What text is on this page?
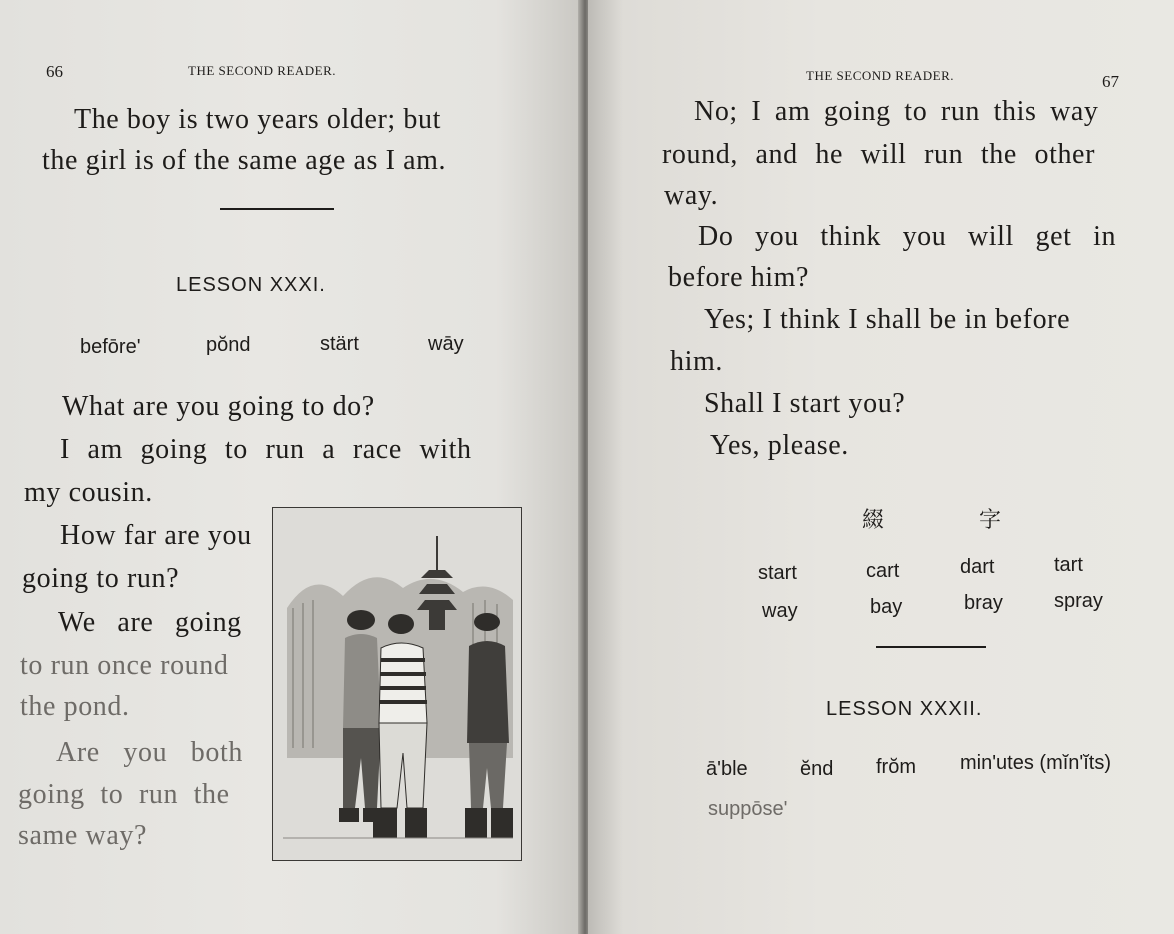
66	THE SECOND READER.
The boy is two years older; but
the girl is of the same age as I am.
LESSON XXXI.
befōre'	pŏnd	stärt	wāy
What are you going to do?
I am going to run a race with
my cousin.
How far are you
going to run?
We are going
to run once round
the pond.
Are you both
going to run the
same way?
THE SECOND READER.	67
No; I am going to run this way
round, and he will run the other
way.
Do you think you will get in
before him?
Yes; I think I shall be in before
him.
Shall I start you?
Yes, please.
綴 字
start	cart	dart	tart
way	bay	bray	spray
LESSON XXXII.
ā'ble	ĕnd frŏm min'utes (mĭn'ĭts)
suppōse'
